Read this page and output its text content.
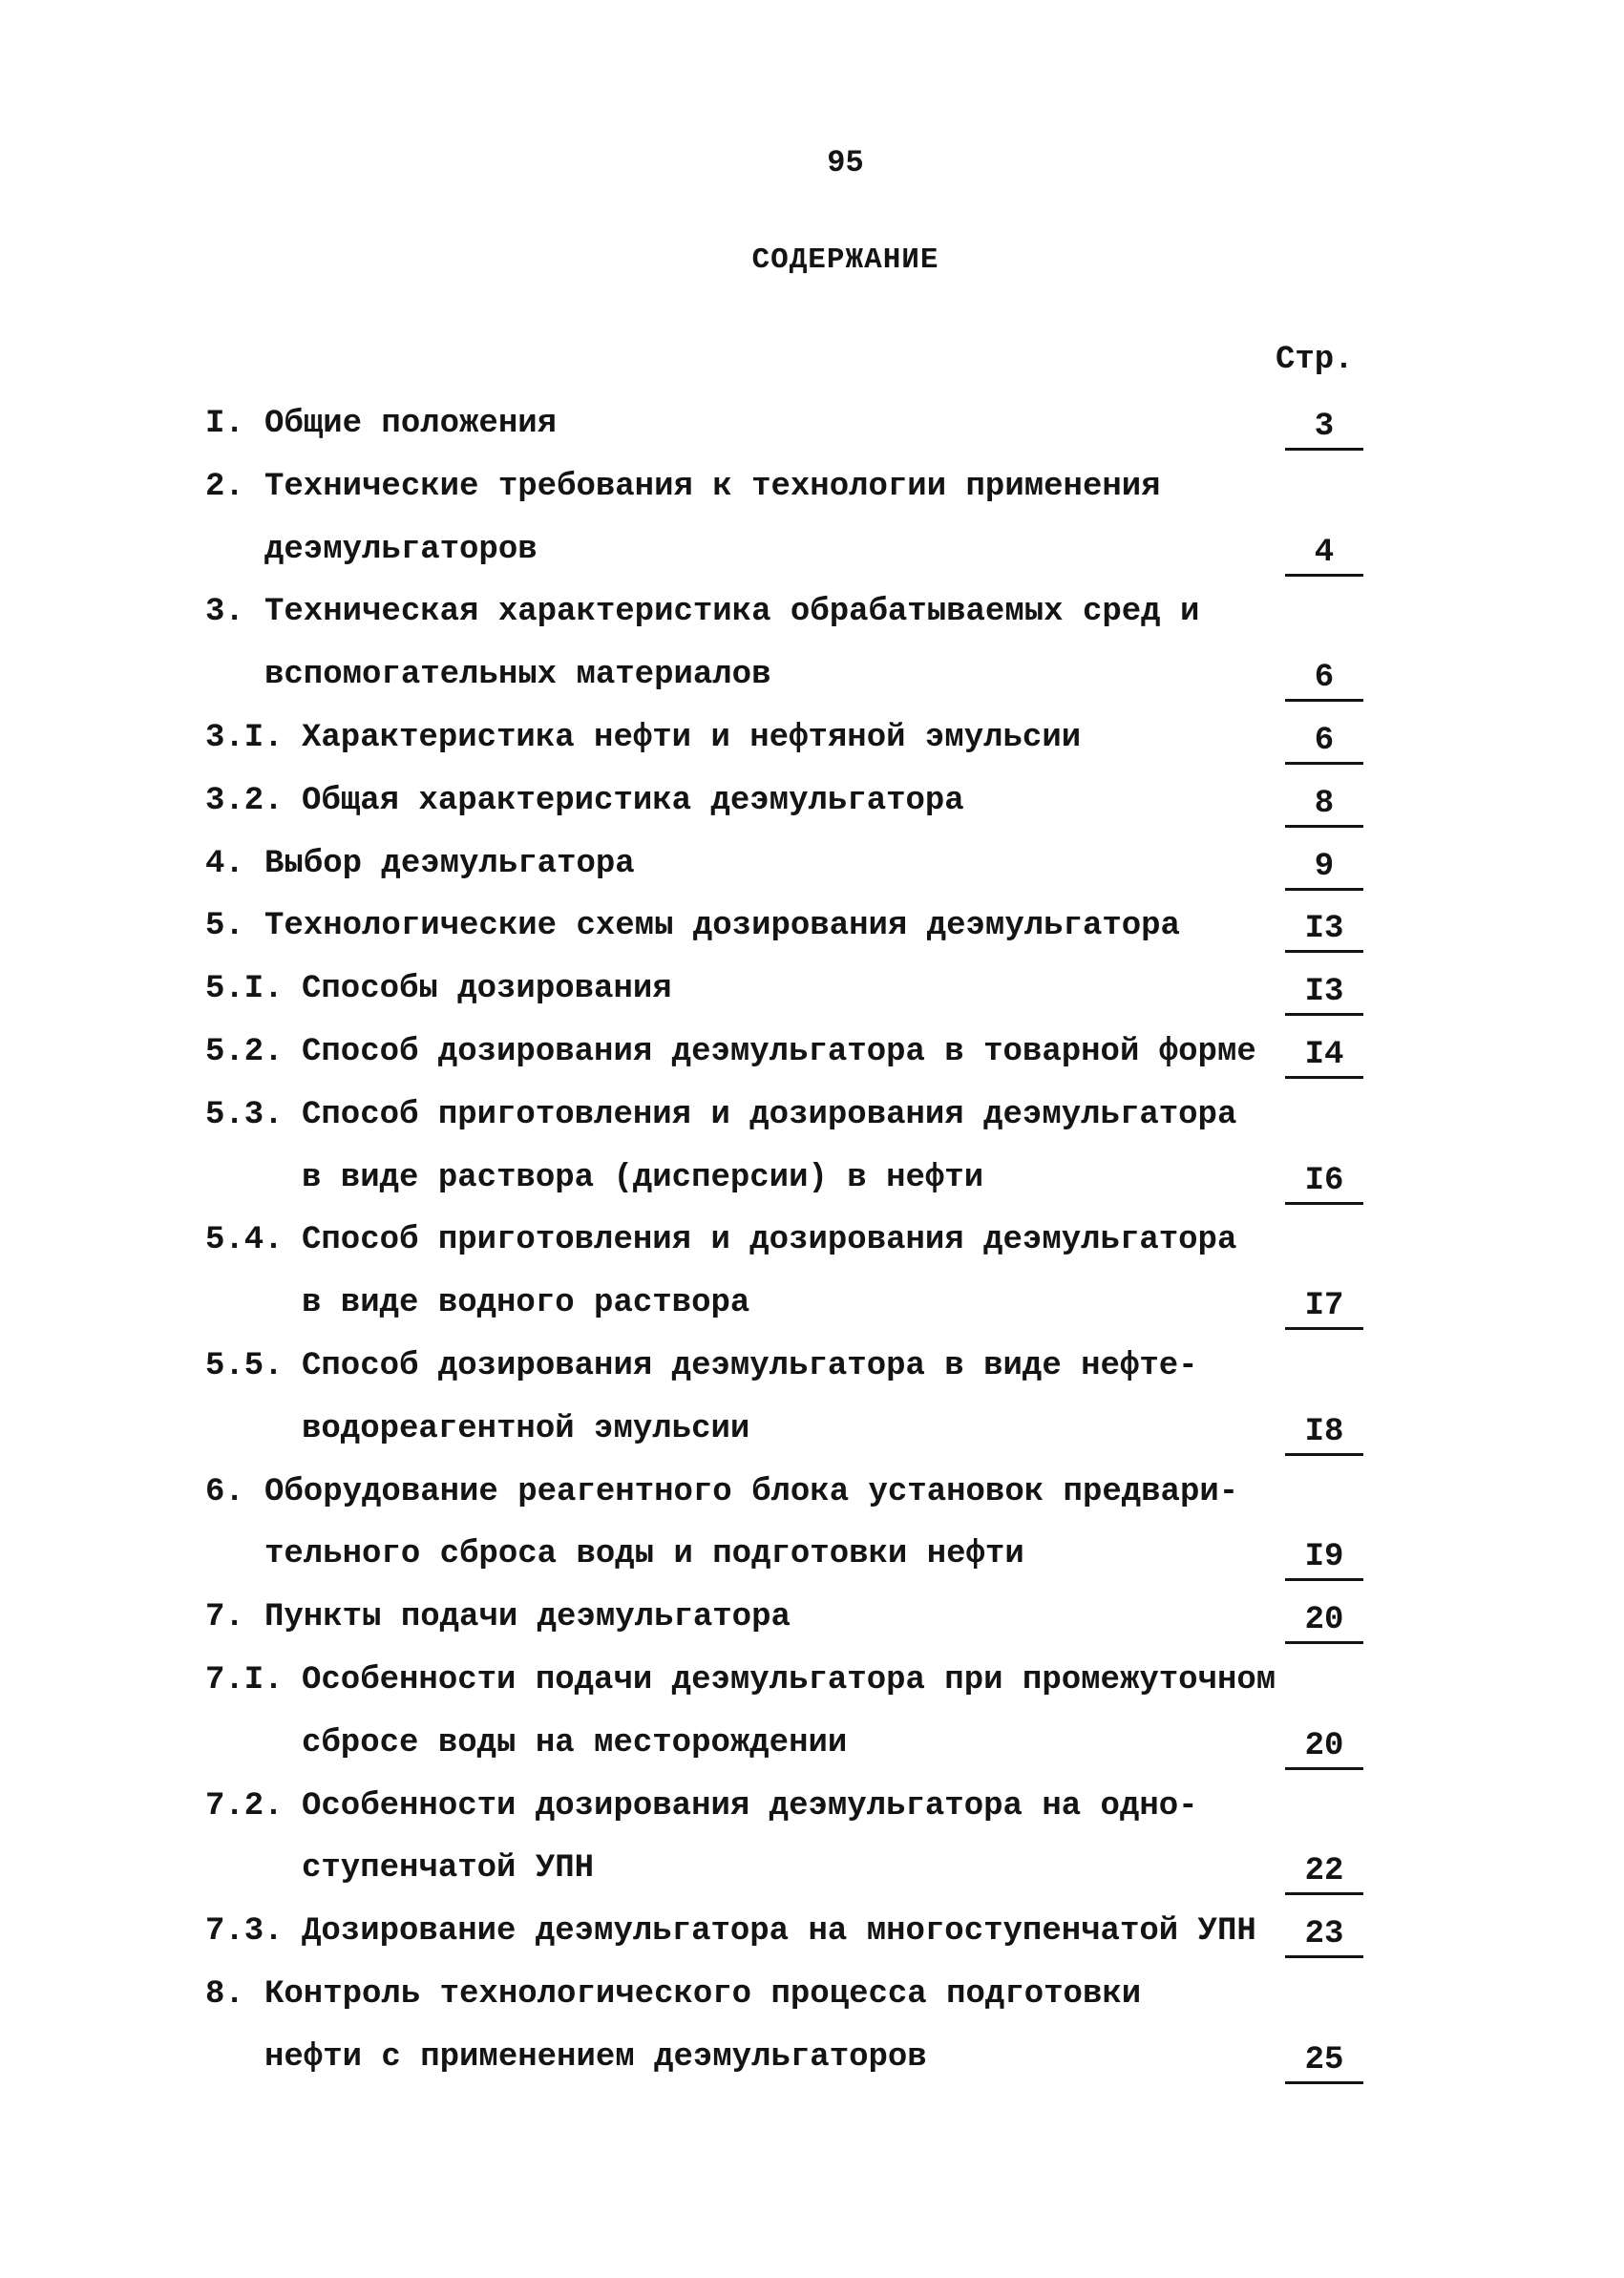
95
СОДЕРЖАНИЕ
Стр.
I. Общие положения	3
2. Технические требования к технологии применения
деэмульгаторов	4
3. Техническая характеристика обрабатываемых сред и
вспомогательных материалов	6
3.I. Характеристика нефти и нефтяной эмульсии	6
3.2. Общая характеристика деэмульгатора	8
4. Выбор деэмульгатора	9
5. Технологические схемы дозирования деэмульгатора	I3
5.I. Способы дозирования	I3
5.2. Способ дозирования деэмульгатора в товарной форме	I4
5.3. Способ приготовления и дозирования деэмульгатора
в виде раствора (дисперсии) в нефти	I6
5.4. Способ приготовления и дозирования деэмульгатора
в виде водного раствора	I7
5.5. Способ дозирования деэмульгатора в виде нефте-
водореагентной эмульсии	I8
6. Оборудование реагентного блока установок предвари-
тельного сброса воды и подготовки нефти	I9
7. Пункты подачи деэмульгатора	20
7.I. Особенности подачи деэмульгатора при промежуточном
сбросе воды на месторождении	20
7.2. Особенности дозирования деэмульгатора на одно-
ступенчатой УПН	22
7.3. Дозирование деэмульгатора на многоступенчатой УПН	23
8. Контроль технологического процесса подготовки
нефти с применением деэмульгаторов	25
